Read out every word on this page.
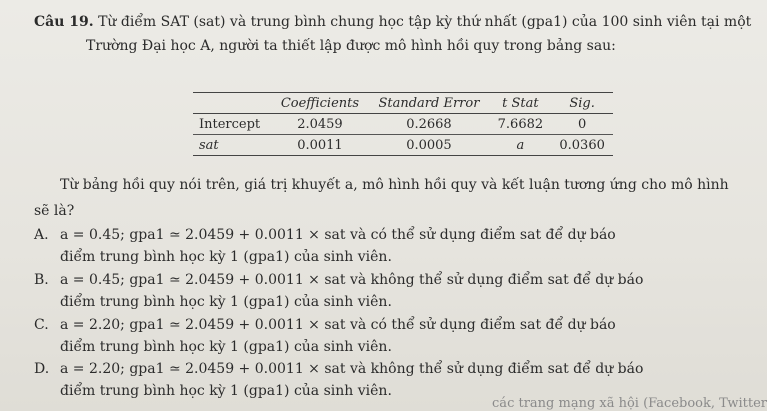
Câu 19. Từ điểm SAT (sat) và trung bình chung học tập kỳ thứ nhất (gpa1) của 100 sinh viên tại một
Trường Đại học A, người ta thiết lập được mô hình hồi quy trong bảng sau:
	Coefficients	Standard Error	t Stat	Sig.
Intercept	2.0459	0.2668	7.6682	0
sat	0.0011	0.0005	a	0.0360
Từ bảng hồi quy nói trên, giá trị khuyết a, mô hình hồi quy và kết luận tương ứng cho mô hình
sẽ là?
A. a = 0.45; gpa1 ≃ 2.0459 + 0.0011 × sat và có thể sử dụng điểm sat để dự báo
điểm trung bình học kỳ 1 (gpa1) của sinh viên.
B. a = 0.45; gpa1 ≃ 2.0459 + 0.0011 × sat và không thể sử dụng điểm sat để dự báo
điểm trung bình học kỳ 1 (gpa1) của sinh viên.
C. a = 2.20; gpa1 ≃ 2.0459 + 0.0011 × sat và có thể sử dụng điểm sat để dự báo
điểm trung bình học kỳ 1 (gpa1) của sinh viên.
D. a = 2.20; gpa1 ≃ 2.0459 + 0.0011 × sat và không thể sử dụng điểm sat để dự báo
điểm trung bình học kỳ 1 (gpa1) của sinh viên.
các trang mạng xã hội (Facebook, Twitter
